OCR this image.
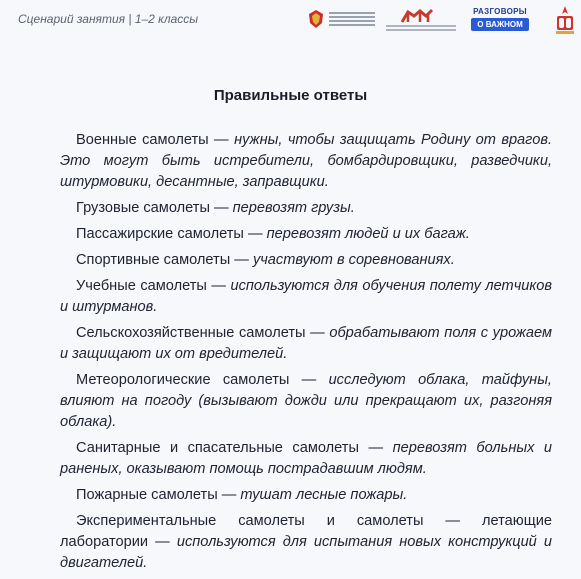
Сценарий занятия | 1–2 классы
РАЗГОВОРЫ
О ВАЖНОМ
Правильные ответы

Военные самолеты — нужны, чтобы защищать Родину от врагов. Это могут быть истребители, бомбардировщики, разведчики, штурмовики, десантные, заправщики.

Грузовые самолеты — перевозят грузы.

Пассажирские самолеты — перевозят людей и их багаж.

Спортивные самолеты — участвуют в соревнованиях.

Учебные самолеты — используются для обучения полету летчиков и штурманов.

Сельскохозяйственные самолеты — обрабатывают поля с урожаем и защищают их от вредителей.

Метеорологические самолеты — исследуют облака, тайфуны, влияют на погоду (вызывают дожди или прекращают их, разгоняя облака).

Санитарные и спасательные самолеты — перевозят больных и раненых, оказывают помощь пострадавшим людям.

Пожарные самолеты — тушат лесные пожары.

Экспериментальные самолеты и самолеты — летающие лаборатории — используются для испытания новых конструкций и двигателей.
